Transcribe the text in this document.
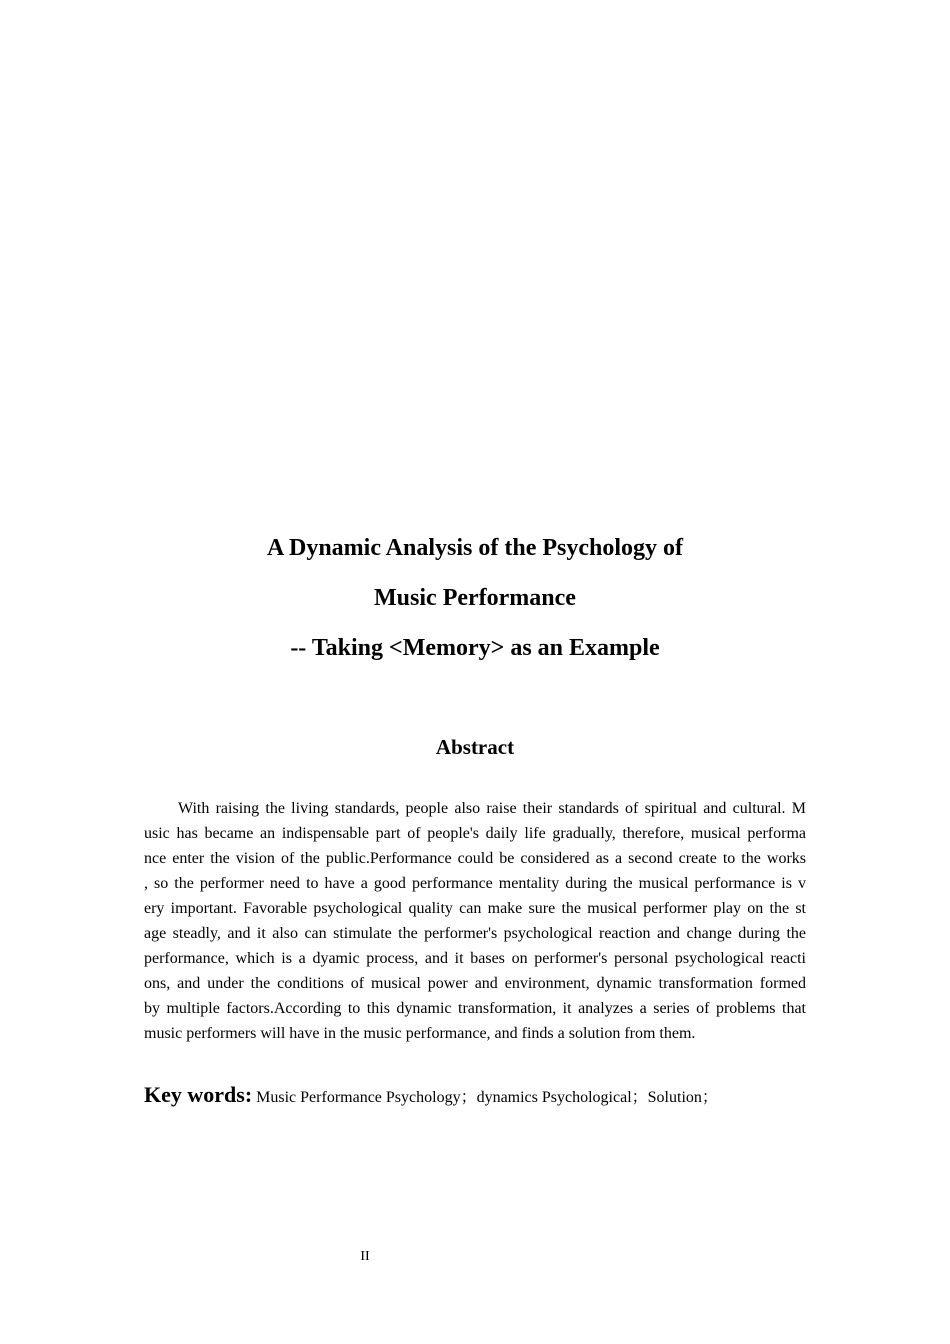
A Dynamic Analysis of the Psychology of
Music Performance
-- Taking <Memory> as an Example
Abstract
With raising the living standards, people also raise their standards of spiritual and cultural. M
usic has became an indispensable part of people's daily life gradually, therefore, musical performa
nce enter the vision of the public.Performance could be considered as a second create to the works
, so the performer need to have a good performance mentality during the musical performance is v
ery important. Favorable psychological quality can make sure the musical performer play on the st
age steadly, and it also can stimulate the performer's psychological reaction and change during the
performance, which is a dyamic process, and it bases on performer's personal psychological reacti
ons, and under the conditions of musical power and environment, dynamic transformation formed
by multiple factors.According to this dynamic transformation, it analyzes a series of problems that
music performers will have in the music performance, and finds a solution from them.
Key words: Music Performance Psychology；dynamics Psychological；Solution；
II
